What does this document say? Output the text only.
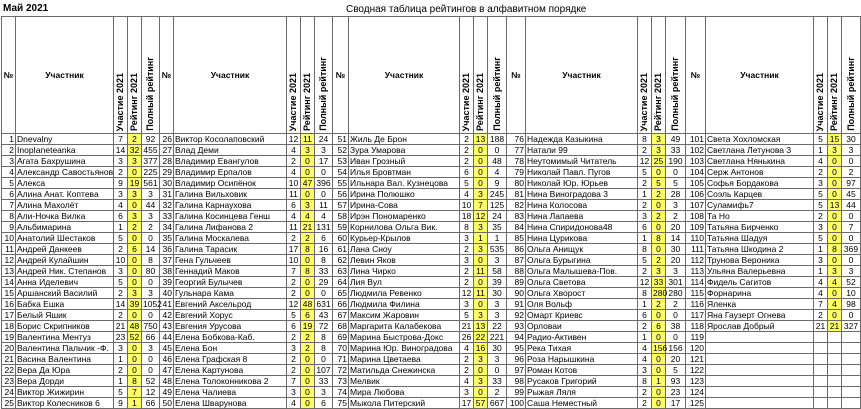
Май 2021	Сводная таблица рейтингов в алфавитном порядке
№	Участник	Участие 2021	Рейтинг 2021	Полный рейтинг	№	Участник	Участие 2021	Рейтинг 2021	Полный рейтинг	№	Участник	Участие 2021	Рейтинг 2021	Полный рейтинг	№	Участник	Участие 2021	Рейтинг 2021	Полный рейтинг	№	Участник	Участие 2021	Рейтинг 2021	Полный рейтинг
1	Dnevalny	7	2	92	26	Виктор Косолаповский	12	11	24	51	Жиль Де Брон	2	13	188	76	Надежда Казыкина	8	3	49	101	Света Хохломская	5	15	30
2	InopIaneteanka	14	32	455	27	Влад Деми	4	3	3	52	Зура Умарова	2	0	0	77	Натали 99	2	3	33	102	Светлана Летунова 3	1	3	3
3	Агата Бахрушина	3	3	377	28	Владимир Евангулов	2	0	17	53	Иван Грозный	2	0	48	78	Неутомимый Читатель	12	25	190	103	Светлана Нянькина	4	0	0
4	Александр Савостьянов	2	0	225	29	Владимир Ерпалов	4	0	0	54	Илья Бровтман	6	0	4	79	Николай Павл. Пугов	5	0	0	104	Серж Антонов	2	0	2
5	Алекса	9	19	561	30	Владимир Осипёнок	10	47	396	55	Ильнара Вал. Кузнецова	5	0	9	80	Николай Юр. Юрьев	2	5	5	105	Софья Бордакова	3	0	97
6	Алина Анат. Коптева	3	3	3	31	Галина Вильховик	11	0	0	56	Ирина Полюшко	4	3	245	81	Нина Виноградова 3	1	2	28	106	Соэль Карцев	5	0	45
7	Алина Махолёт	4	0	44	32	Галина Карнаухова	6	3	11	57	Ирина-Сова	10	7	125	82	Нина Колосова	2	0	3	107	Суламифь7	5	13	44
8	Али-Ночка Вилка	6	3	3	33	Галина Косинцева Генш	4	4	4	58	Ирэн Пономаренко	18	12	24	83	Нина Лапаева	3	2	2	108	Та Но	2	0	0
9	Альбимарина	1	2	2	34	Галина Лифанова 2	11	21	131	59	Корнилова Ольга Вик.	8	3	35	84	Нина Спиридонова48	6	0	20	109	Татьяна Бирченко	3	0	7
10	Анатолий Шестаков	5	0	0	35	Галина Москалева	2	2	6	60	Курьер-Крылов	3	1	1	85	Нина Цурикова	1	8	14	110	Татьяна Шадуя	5	0	0
11	Андрей Данкеев	2	6	14	36	Галина Тарасик	17	8	16	61	Лана Сноу	2	3	535	86	Ольга Анищук	8	0	30	111	Татьяна Шкодина 2	1	8	369
12	Андрей Кулайшин	10	0	8	37	Гена Гульчеев	10	0	8	62	Левин Яков	3	0	3	87	Ольга Бурыгина	5	2	20	112	Трунова Вероника	3	0	0
13	Андрей Ник. Степанов	3	0	80	38	Геннадий Маков	7	8	33	63	Лина Чирко	2	11	58	88	Ольга Малышева-Пов.	2	3	3	113	Ульяна Валерьевна	1	3	3
14	Анна Иделевич	5	0	0	39	Георгий Булычев	2	0	29	64	Лия Вул	2	0	39	89	Ольга Светова	12	33	301	114	Фидель Сагитов	4	4	52
15	Аршанский Василий	2	3	3	40	Гульнара Кама	2	0	0	65	Людмила Ревенко	12	11	30	90	Ольга Хворост	8	280	280	115	Форнарина	4	0	10
16	Бабка Ешка	14	39	1052	41	Евгений Аксельрод	12	48	631	66	Людмила Филина	3	0	3	91	Оля Вольф	1	2	2	116	Яленка	7	4	98
17	Белый Яшик	2	0	0	42	Евгений Хорус	5	6	43	67	Максим Жаровин	5	3	3	92	Омарт Криевс	6	0	0	117	Яна Гаузерт Огнева	2	0	0
18	Борис Скрипников	21	48	750	43	Евгения Урусова	6	19	72	68	Маргарита Калабекова	21	13	22	93	Орловаи	2	6	38	118	Ярослав Добрый	21	21	327
19	Валентина Ментуз	23	52	66	44	Елена Бобкова-Каб.	2	2	8	69	Марина Быстрова-Докс	26	22	221	94	Радио-Активен	1	0	0	119				
20	Валентина Пальчик -Ф.	3	0	3	45	Елена Бон	3	2	8	70	Марина Юр. Виноградова	4	16	30	95	Река Тихая	4	156	156	120				
21	Васина Валентина	1	0	0	46	Елена Графская 8	2	0	0	71	Марина Цветаева	2	3	3	96	Роза Нарышкина	4	0	20	121				
22	Вера Да Юра	2	0	0	47	Елена Картунова	2	0	107	72	Матильда Снежинска	2	0	0	97	Роман Котов	3	0	5	122				
23	Вера Дорди	1	8	52	48	Елена Толоконникова 2	7	0	33	73	Мелвик	4	3	33	98	Русаков Григорий	8	1	93	123				
24	Виктор Жижирин	5	7	12	49	Елена Чалиева	3	0	3	74	Мира Любова	3	0	2	99	Рыжая Ляля	2	0	23	124				
25	Виктор Колесников 6	9	1	66	50	Елена Шварунова	4	0	6	75	Мыкола Питерский	17	57	667	100	Саша Неместный	2	0	17	125				
